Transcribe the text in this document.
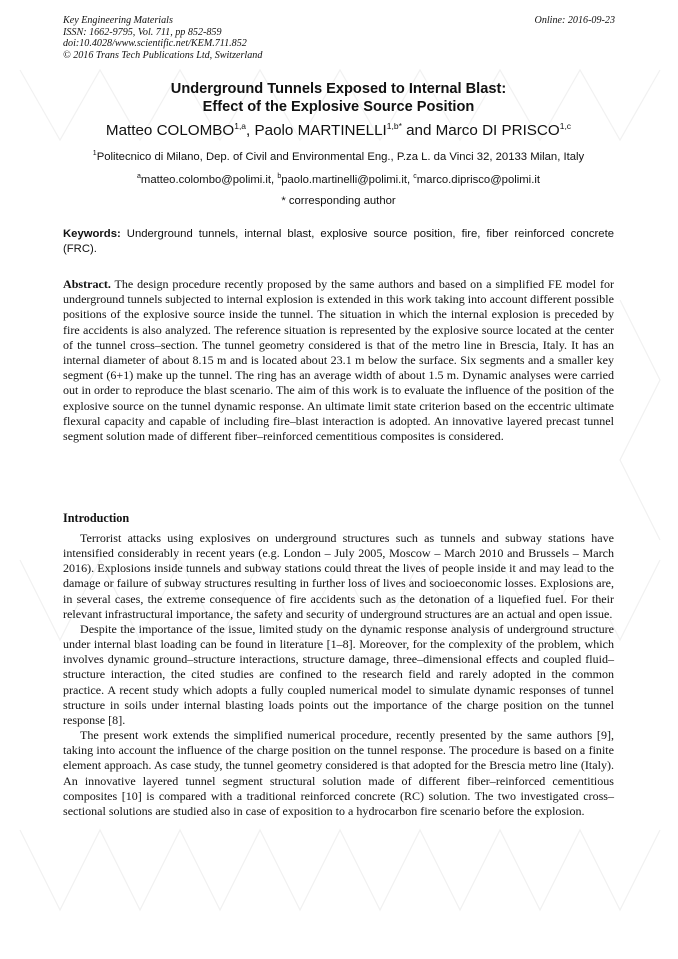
Key Engineering Materials
ISSN: 1662-9795, Vol. 711, pp 852-859
doi:10.4028/www.scientific.net/KEM.711.852
© 2016 Trans Tech Publications Ltd, Switzerland
Online: 2016-09-23
Underground Tunnels Exposed to Internal Blast:
Effect of the Explosive Source Position
Matteo COLOMBO$^{1,a}$, Paolo $MARTINELLI^{1,b*}$ and Marco DI PRISCO$^{1,c}$
$^1$Politecnico di Milano, Dep. of Civil and Environmental Eng., P.za L. da Vinci 32, 20133 Milan, Italy
$^a$matteo.colombo@polimi.it, $^b$paolo.martinelli@polimi.it, $^c$marco.diprisco@polimi.it
* corresponding author
Keywords: Underground tunnels, internal blast, explosive source position, fire, fiber reinforced concrete (FRC).

Abstract. The design procedure recently proposed by the same authors and based on a simplified FE model for underground tunnels subjected to internal explosion is extended in this work taking into account different possible positions of the explosive source inside the tunnel. The situation in which the internal explosion is preceded by fire accidents is also analyzed. The reference situation is represented by the explosive source located at the center of the tunnel cross–section. The tunnel geometry considered is that of the metro line in Brescia, Italy. It has an internal diameter of about 8.15 m and is located about 23.1 m below the surface. Six segments and a smaller key segment (6+1) make up the tunnel. The ring has an average width of about 1.5 m. Dynamic analyses were carried out in order to reproduce the blast scenario. The aim of this work is to evaluate the influence of the position of the explosive source on the tunnel dynamic response. An ultimate limit state criterion based on the eccentric ultimate flexural capacity and capable of including fire–blast interaction is adopted. An innovative layered precast tunnel segment solution made of different fiber–reinforced cementitious composites is considered.

Introduction

Terrorist attacks using explosives on underground structures such as tunnels and subway stations have intensified considerably in recent years (e.g. London – July 2005, Moscow – March 2010 and Brussels – March 2016). Explosions inside tunnels and subway stations could threat the lives of people inside it and may lead to the damage or failure of subway structures resulting in further loss of lives and socioeconomic losses. Explosions are, in several cases, the extreme consequence of fire accidents such as the detonation of a liquefied fuel. For their relevant infrastructural importance, the safety and security of underground structures are an actual and open issue.

Despite the importance of the issue, limited study on the dynamic response analysis of underground structure under internal blast loading can be found in literature [1–8]. Moreover, for the complexity of the problem, which involves dynamic ground–structure interactions, structure damage, three–dimensional effects and coupled fluid–structure interaction, the cited studies are confined to the research field and rarely adopted in the common practice. A recent study which adopts a fully coupled numerical model to simulate dynamic responses of tunnel structure in soils under internal blasting loads points out the importance of the charge position on the tunnel response [8].

The present work extends the simplified numerical procedure, recently presented by the same authors [9], taking into account the influence of the charge position on the tunnel response. The procedure is based on a finite element approach. As case study, the tunnel geometry considered is that adopted for the Brescia metro line (Italy). An innovative layered tunnel segment structural solution made of different fiber–reinforced cementitious composites [10] is compared with a traditional reinforced concrete (RC) solution. The two investigated cross–sectional solutions are studied also in case of exposition to a hydrocarbon fire scenario before the explosion.
